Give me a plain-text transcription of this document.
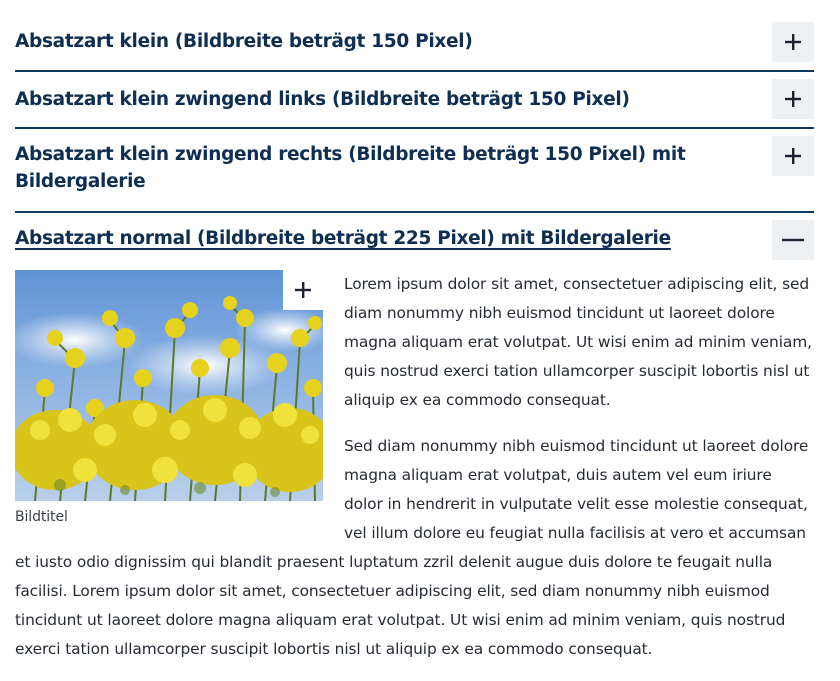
Absatzart klein (Bildbreite beträgt 150 Pixel)
Absatzart klein zwingend links (Bildbreite beträgt 150 Pixel)
Absatzart klein zwingend rechts (Bildbreite beträgt 150 Pixel) mit Bildergalerie
Absatzart normal (Bildbreite beträgt 225 Pixel) mit Bildergalerie
Bildtitel

Lorem ipsum dolor sit amet, consectetuer adipiscing elit, sed diam nonummy nibh euismod tincidunt ut laoreet dolore magna aliquam erat volutpat. Ut wisi enim ad minim veniam, quis nostrud exerci tation ullamcorper suscipit lobortis nisl ut aliquip ex ea commodo consequat.

Sed diam nonummy nibh euismod tincidunt ut laoreet dolore magna aliquam erat volutpat, duis autem vel eum iriure dolor in hendrerit in vulputate velit esse molestie consequat, vel illum dolore eu feugiat nulla facilisis at vero et accumsan et iusto odio dignissim qui blandit praesent luptatum zzril delenit augue duis dolore te feugait nulla facilisi. Lorem ipsum dolor sit amet, consectetuer adipiscing elit, sed diam nonummy nibh euismod tincidunt ut laoreet dolore magna aliquam erat volutpat. Ut wisi enim ad minim veniam, quis nostrud exerci tation ullamcorper suscipit lobortis nisl ut aliquip ex ea commodo consequat.
